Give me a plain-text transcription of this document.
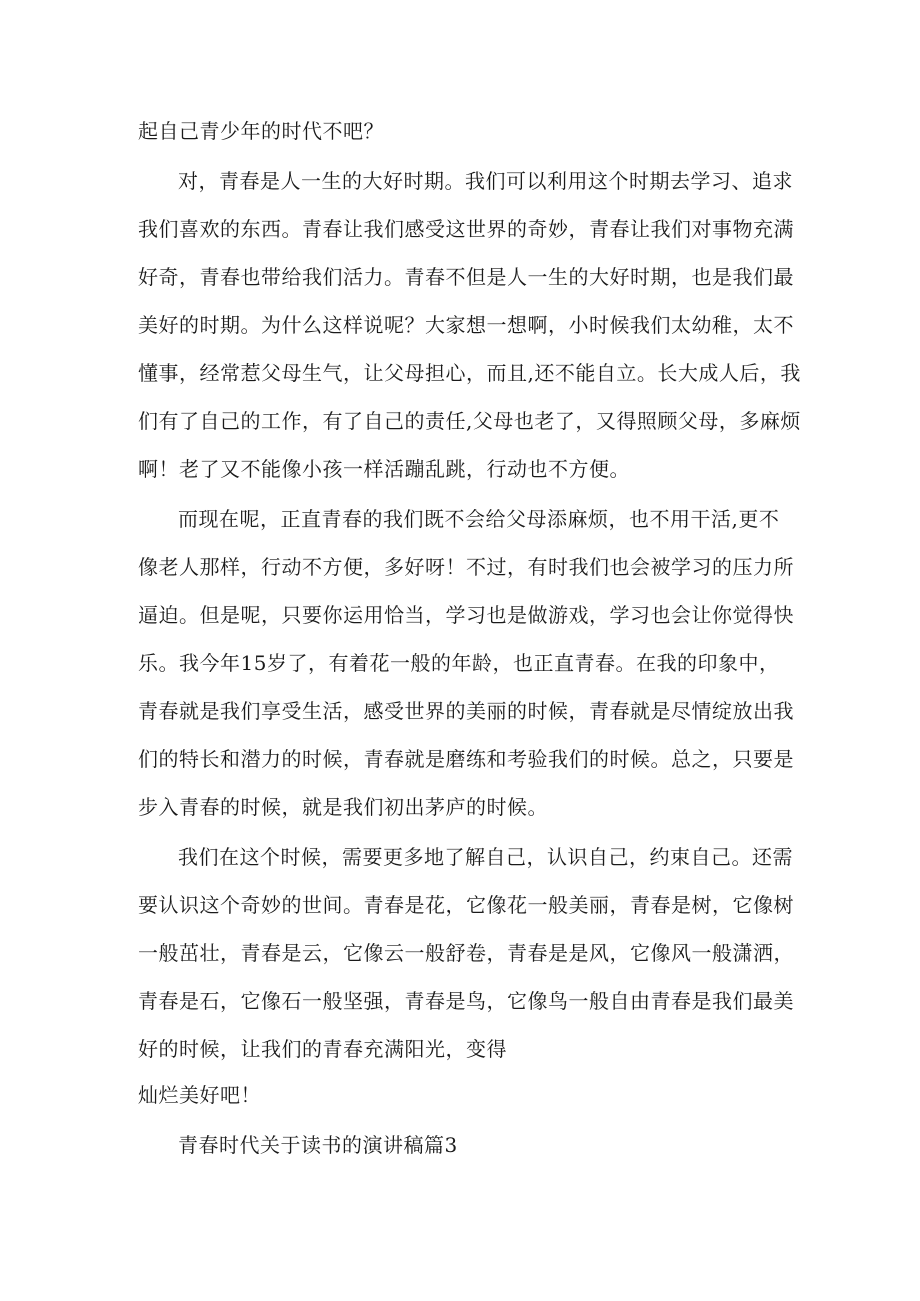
起自己青少年的时代不吧？
对，青春是人一生的大好时期。我们可以利用这个时期去学习、追求
我们喜欢的东西。青春让我们感受这世界的奇妙，青春让我们对事物充满
好奇，青春也带给我们活力。青春不但是人一生的大好时期，也是我们最
美好的时期。为什么这样说呢？大家想一想啊，小时候我们太幼稚，太不
懂事，经常惹父母生气，让父母担心，而且,还不能自立。长大成人后，我
们有了自己的工作，有了自己的责任,父母也老了，又得照顾父母，多麻烦
啊！老了又不能像小孩一样活蹦乱跳，行动也不方便。
而现在呢，正直青春的我们既不会给父母添麻烦，也不用干活,更不
像老人那样，行动不方便，多好呀！不过，有时我们也会被学习的压力所
逼迫。但是呢，只要你运用恰当，学习也是做游戏，学习也会让你觉得快
乐。我今年15岁了，有着花一般的年龄，也正直青春。在我的印象中，
青春就是我们享受生活，感受世界的美丽的时候，青春就是尽情绽放出我
们的特长和潜力的时候，青春就是磨练和考验我们的时候。总之，只要是
步入青春的时候，就是我们初出茅庐的时候。
我们在这个时候，需要更多地了解自己，认识自己，约束自己。还需
要认识这个奇妙的世间。青春是花，它像花一般美丽，青春是树，它像树
一般茁壮，青春是云，它像云一般舒卷，青春是是风，它像风一般潇洒，
青春是石，它像石一般坚强，青春是鸟，它像鸟一般自由青春是我们最美
好的时候，让我们的青春充满阳光，变得
灿烂美好吧！
青春时代关于读书的演讲稿篇3
